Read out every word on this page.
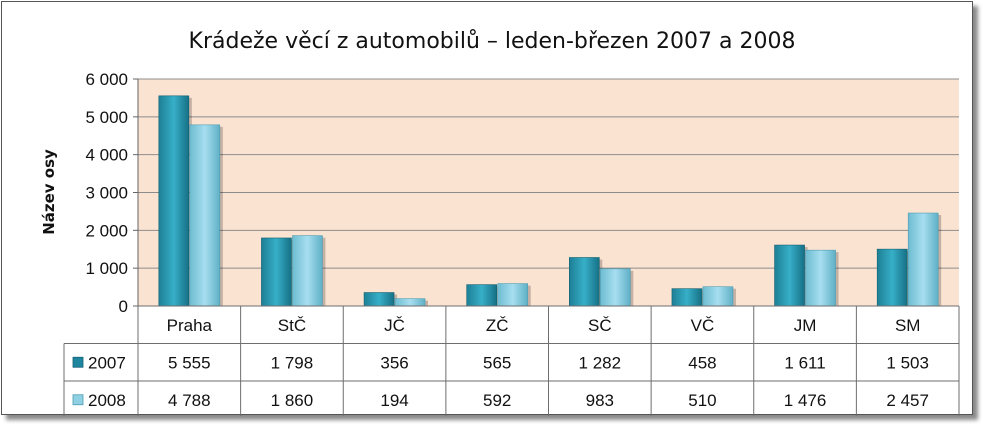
Krádeže věcí z automobilů – leden-březen 2007 a 2008
Název osy
0
1 000
2 000
3 000
4 000
5 000
6 000
Praha	StČ	JČ	ZČ	SČ	VČ	JM	SM
2007 5 555	1 798	356	565	1 282	458	1 611	1 503
2008 4 788	1 860	194	592	983	510	1 476	2 457
